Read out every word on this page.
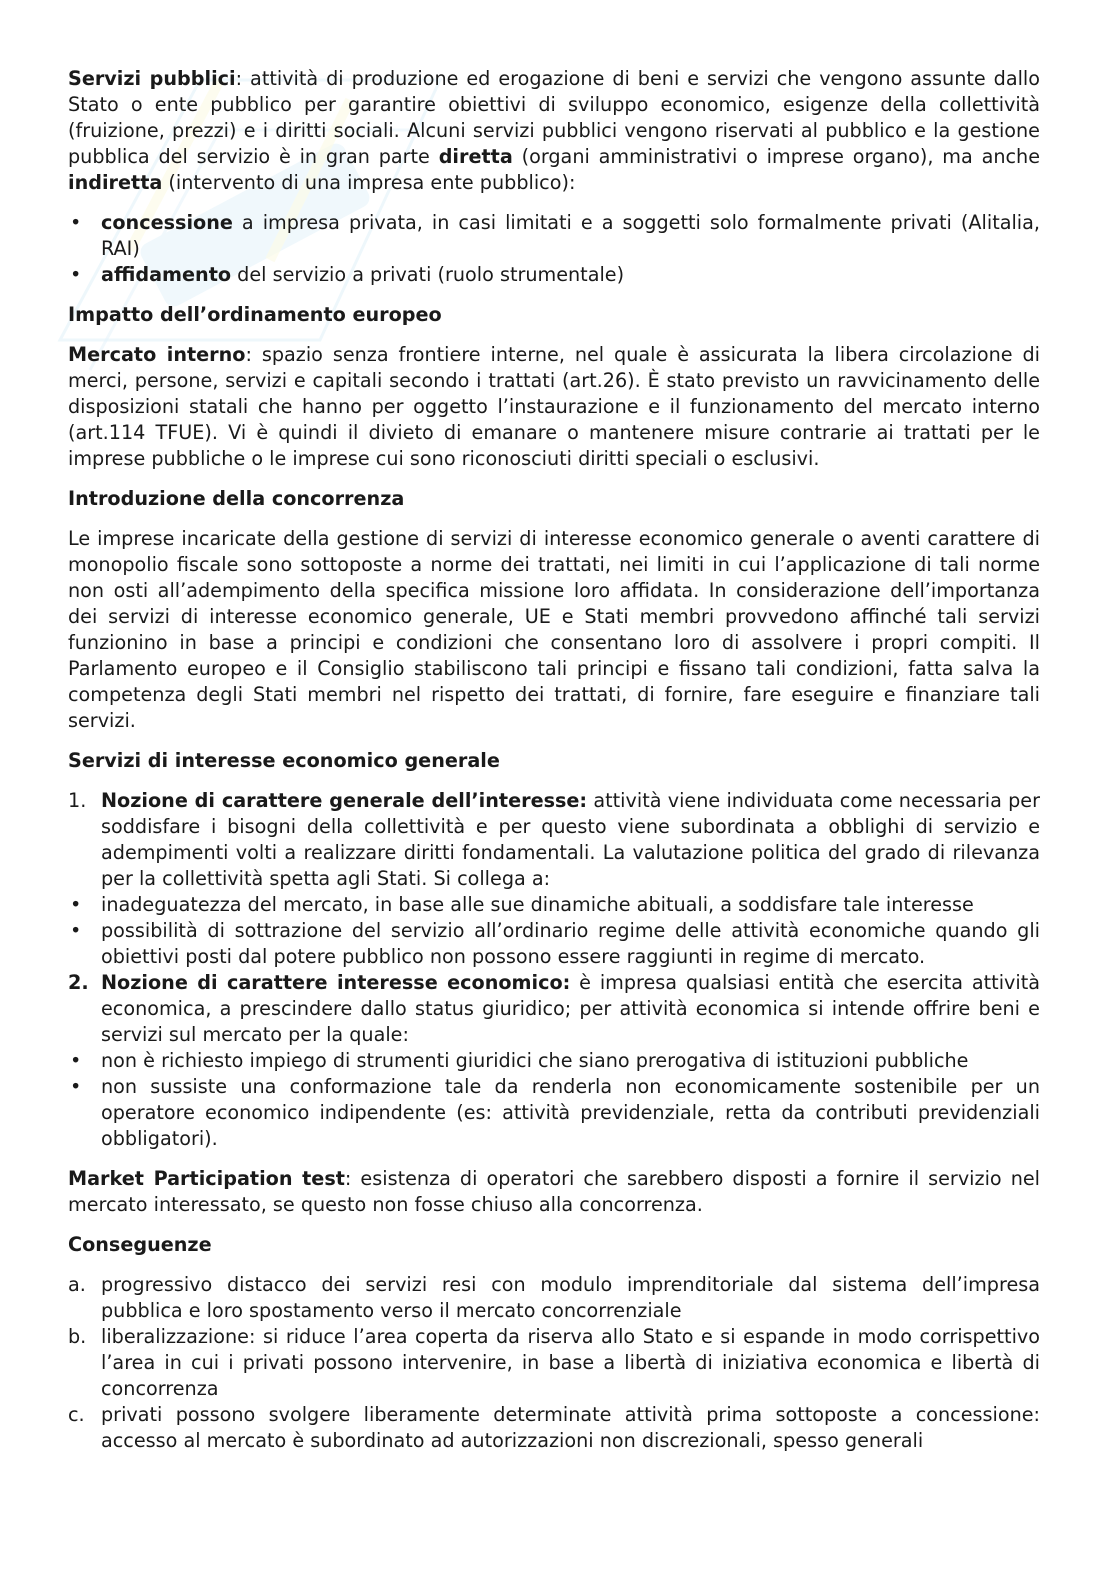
Servizi pubblici: attività di produzione ed erogazione di beni e servizi che vengono assunte dallo Stato o ente pubblico per garantire obiettivi di sviluppo economico, esigenze della collettività (fruizione, prezzi) e i diritti sociali. Alcuni servizi pubblici vengono riservati al pubblico e la gestione pubblica del servizio è in gran parte diretta (organi amministrativi o imprese organo), ma anche indiretta (intervento di una impresa ente pubblico):

• concessione a impresa privata, in casi limitati e a soggetti solo formalmente privati (Alitalia, RAI)
• affidamento del servizio a privati (ruolo strumentale)
Impatto dell’ordinamento europeo

Mercato interno: spazio senza frontiere interne, nel quale è assicurata la libera circolazione di merci, persone, servizi e capitali secondo i trattati (art.26). È stato previsto un ravvicinamento delle disposizioni statali che hanno per oggetto l’instaurazione e il funzionamento del mercato interno (art.114 TFUE). Vi è quindi il divieto di emanare o mantenere misure contrarie ai trattati per le imprese pubbliche o le imprese cui sono riconosciuti diritti speciali o esclusivi.

Introduzione della concorrenza

Le imprese incaricate della gestione di servizi di interesse economico generale o aventi carattere di monopolio fiscale sono sottoposte a norme dei trattati, nei limiti in cui l’applicazione di tali norme non osti all’adempimento della specifica missione loro affidata. In considerazione dell’importanza dei servizi di interesse economico generale, UE e Stati membri provvedono affinché tali servizi funzionino in base a principi e condizioni che consentano loro di assolvere i propri compiti. Il Parlamento europeo e il Consiglio stabiliscono tali principi e fissano tali condizioni, fatta salva la competenza degli Stati membri nel rispetto dei trattati, di fornire, fare eseguire e finanziare tali servizi.

Servizi di interesse economico generale
1. Nozione di carattere generale dell’interesse: attività viene individuata come necessaria per soddisfare i bisogni della collettività e per questo viene subordinata a obblighi di servizio e adempimenti volti a realizzare diritti fondamentali. La valutazione politica del grado di rilevanza per la collettività spetta agli Stati. Si collega a:
• inadeguatezza del mercato, in base alle sue dinamiche abituali, a soddisfare tale interesse
• possibilità di sottrazione del servizio all’ordinario regime delle attività economiche quando gli obiettivi posti dal potere pubblico non possono essere raggiunti in regime di mercato.
2. Nozione di carattere interesse economico: è impresa qualsiasi entità che esercita attività economica, a prescindere dallo status giuridico; per attività economica si intende offrire beni e servizi sul mercato per la quale:
• non è richiesto impiego di strumenti giuridici che siano prerogativa di istituzioni pubbliche
• non sussiste una conformazione tale da renderla non economicamente sostenibile per un operatore economico indipendente (es: attività previdenziale, retta da contributi previdenziali obbligatori).

Market Participation test: esistenza di operatori che sarebbero disposti a fornire il servizio nel mercato interessato, se questo non fosse chiuso alla concorrenza.

Conseguenze
a. progressivo distacco dei servizi resi con modulo imprenditoriale dal sistema dell’impresa pubblica e loro spostamento verso il mercato concorrenziale
b. liberalizzazione: si riduce l’area coperta da riserva allo Stato e si espande in modo corrispettivo l’area in cui i privati possono intervenire, in base a libertà di iniziativa economica e libertà di concorrenza
c. privati possono svolgere liberamente determinate attività prima sottoposte a concessione: accesso al mercato è subordinato ad autorizzazioni non discrezionali, spesso generali
